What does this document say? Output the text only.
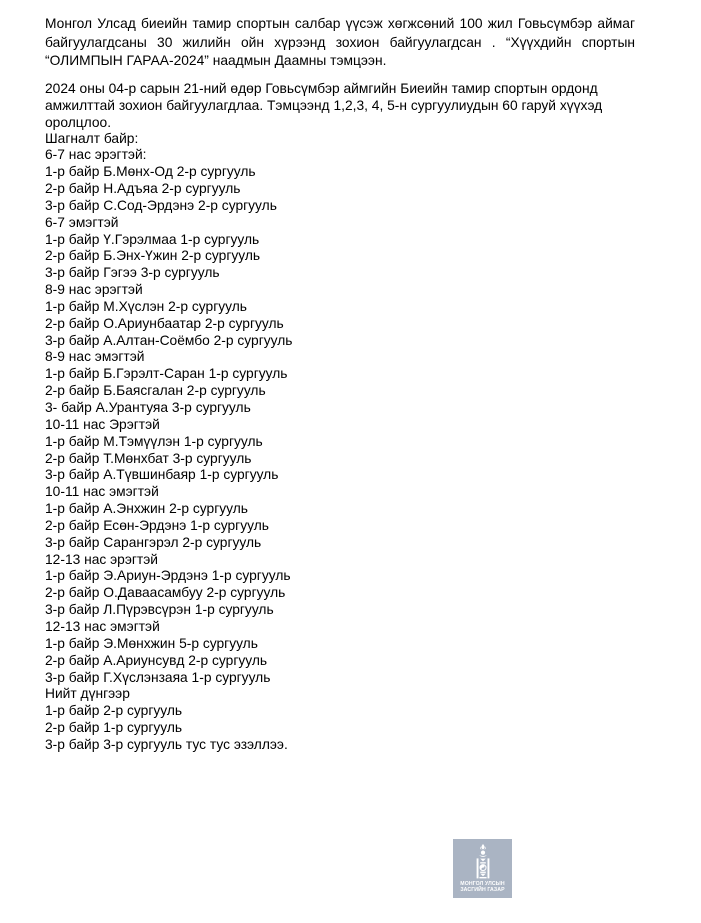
Монгол Улсад биеийн тамир спортын салбар үүсэж хөгжсөний 100 жил Говьсүмбэр аймаг байгуулагдсаны 30 жилийн ойн хүрээнд зохион байгуулагдсан . “Хүүхдийн спортын “ОЛИМПЫН ГАРАА-2024” наадмын Даамны тэмцээн.

2024 оны 04-р сарын 21-ний өдөр Говьсүмбэр аймгийн Биеийн тамир спортын ордонд амжилттай зохион байгуулагдлаа. Тэмцээнд 1,2,3, 4, 5-н сургуулиудын 60 гаруй хүүхэд оролцлоо.

Шагналт байр:
6-7 нас эрэгтэй:
1-р байр Б.Мөнх-Од 2-р сургууль
2-р байр Н.Адъяа 2-р сургууль
3-р байр С.Сод-Эрдэнэ 2-р сургууль
6-7 эмэгтэй
1-р байр Ү.Гэрэлмаа 1-р сургууль
2-р байр Б.Энх-Үжин 2-р сургууль
3-р байр Гэгээ 3-р сургууль
8-9 нас эрэгтэй
1-р байр М.Хүслэн 2-р сургууль
2-р байр О.Ариунбаатар 2-р сургууль
3-р байр А.Алтан-Соёмбо 2-р сургууль
8-9 нас эмэгтэй
1-р байр Б.Гэрэлт-Саран 1-р сургууль
2-р байр Б.Баясгалан 2-р сургууль
3- байр А.Урантуяа 3-р сургууль
10-11 нас Эрэгтэй
1-р байр М.Тэмүүлэн 1-р сургууль
2-р байр Т.Мөнхбат 3-р сургууль
3-р байр А.Түвшинбаяр 1-р сургууль
10-11 нас эмэгтэй
1-р байр А.Энхжин 2-р сургууль
2-р байр Есөн-Эрдэнэ 1-р сургууль
3-р байр Сарангэрэл 2-р сургууль
12-13 нас эрэгтэй
1-р байр Э.Ариун-Эрдэнэ 1-р сургууль
2-р байр О.Даваасамбуу 2-р сургууль
3-р байр Л.Пүрэвсүрэн 1-р сургууль
12-13 нас эмэгтэй
1-р байр Э.Мөнхжин 5-р сургууль
2-р байр А.Ариунсувд 2-р сургууль
3-р байр Г.Хүслэнзаяа 1-р сургууль
Нийт дүнгээр
1-р байр 2-р сургууль
2-р байр 1-р сургууль
3-р байр 3-р сургууль тус тус эзэллээ.
МОНГОЛ УЛСЫН
ЗАСГИЙН ГАЗАР
